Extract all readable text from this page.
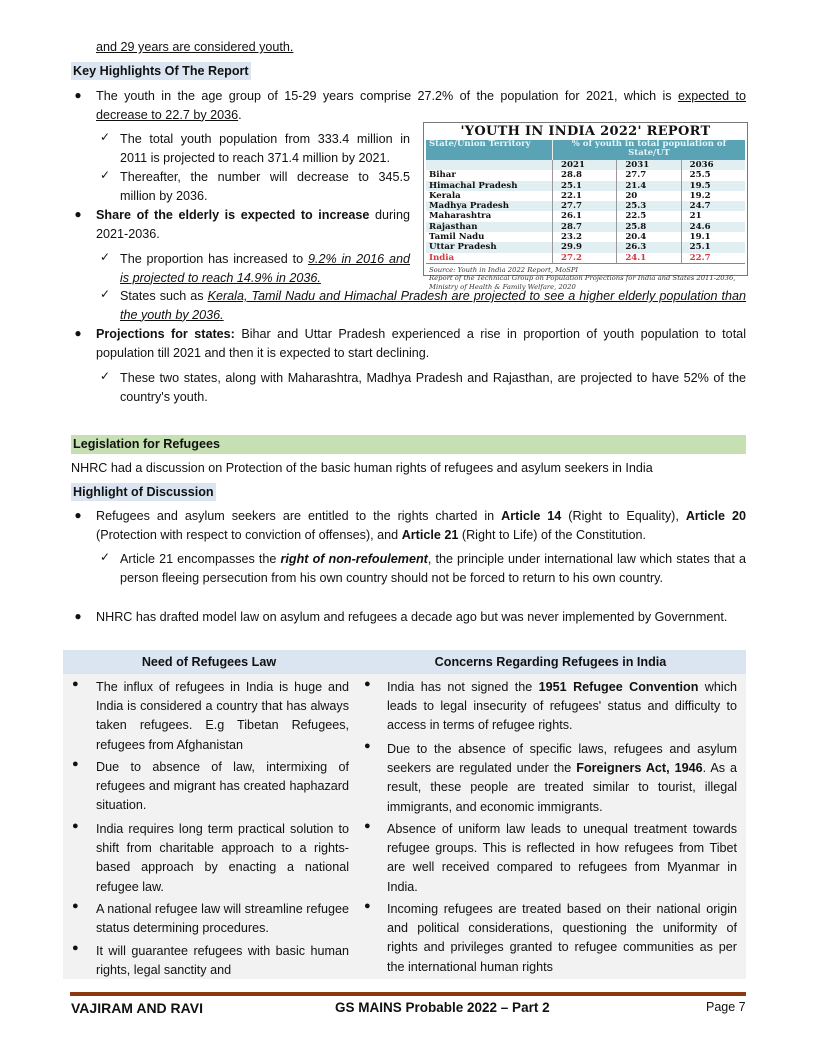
and 29 years are considered youth.
Key Highlights Of The Report
● The youth in the age group of 15-29 years comprise 27.2% of the population for 2021, which is expected to decrease to 22.7 by 2036.
✓ The total youth population from 333.4 million in 2011 is projected to reach 371.4 million by 2021.
✓ Thereafter, the number will decrease to 345.5 million by 2036.
● Share of the elderly is expected to increase during 2021-2036.
✓ The proportion has increased to 9.2% in 2016 and is projected to reach 14.9% in 2036.
✓ States such as Kerala, Tamil Nadu and Himachal Pradesh are projected to see a higher elderly population than the youth by 2036.
● Projections for states: Bihar and Uttar Pradesh experienced a rise in proportion of youth population to total population till 2021 and then it is expected to start declining.
✓ These two states, along with Maharashtra, Madhya Pradesh and Rajasthan, are projected to have 52% of the country's youth.
'YOUTH IN INDIA 2022' REPORT
State/Union Territory	% of youth in total population of State/UT
2021	2031	2036
Bihar	28.8	27.7	25.5
Himachal Pradesh	25.1	21.4	19.5
Kerala	22.1	20	19.2
Madhya Pradesh	27.7	25.3	24.7
Maharashtra	26.1	22.5	21
Rajasthan	28.7	25.8	24.6
Tamil Nadu	23.2	20.4	19.1
Uttar Pradesh	29.9	26.3	25.1
India	27.2	24.1	22.7
Source: Youth in India 2022 Report, MoSPI
Report of the Technical Group on Population Projections for India and States 2011-2036, Ministry of Health & Family Welfare, 2020
Legislation for Refugees
NHRC had a discussion on Protection of the basic human rights of refugees and asylum seekers in India
Highlight of Discussion
● Refugees and asylum seekers are entitled to the rights charted in Article 14 (Right to Equality), Article 20 (Protection with respect to conviction of offenses), and Article 21 (Right to Life) of the Constitution.
✓ Article 21 encompasses the right of non-refoulement, the principle under international law which states that a person fleeing persecution from his own country should not be forced to return to his own country.
● NHRC has drafted model law on asylum and refugees a decade ago but was never implemented by Government.
Need of Refugees Law	Concerns Regarding Refugees in India
● The influx of refugees in India is huge and India is considered a country that has always taken refugees. E.g Tibetan Refugees, refugees from Afghanistan
● Due to absence of law, intermixing of refugees and migrant has created haphazard situation.
● India requires long term practical solution to shift from charitable approach to a rights-based approach by enacting a national refugee law.
● A national refugee law will streamline refugee status determining procedures.
● It will guarantee refugees with basic human rights, legal sanctity and
● India has not signed the 1951 Refugee Convention which leads to legal insecurity of refugees' status and difficulty to access in terms of refugee rights.
● Due to the absence of specific laws, refugees and asylum seekers are regulated under the Foreigners Act, 1946. As a result, these people are treated similar to tourist, illegal immigrants, and economic immigrants.
● Absence of uniform law leads to unequal treatment towards refugee groups. This is reflected in how refugees from Tibet are well received compared to refugees from Myanmar in India.
● Incoming refugees are treated based on their national origin and political considerations, questioning the uniformity of rights and privileges granted to refugee communities as per the international human rights
VAJIRAM AND RAVI	GS MAINS Probable 2022 – Part 2	Page 7
